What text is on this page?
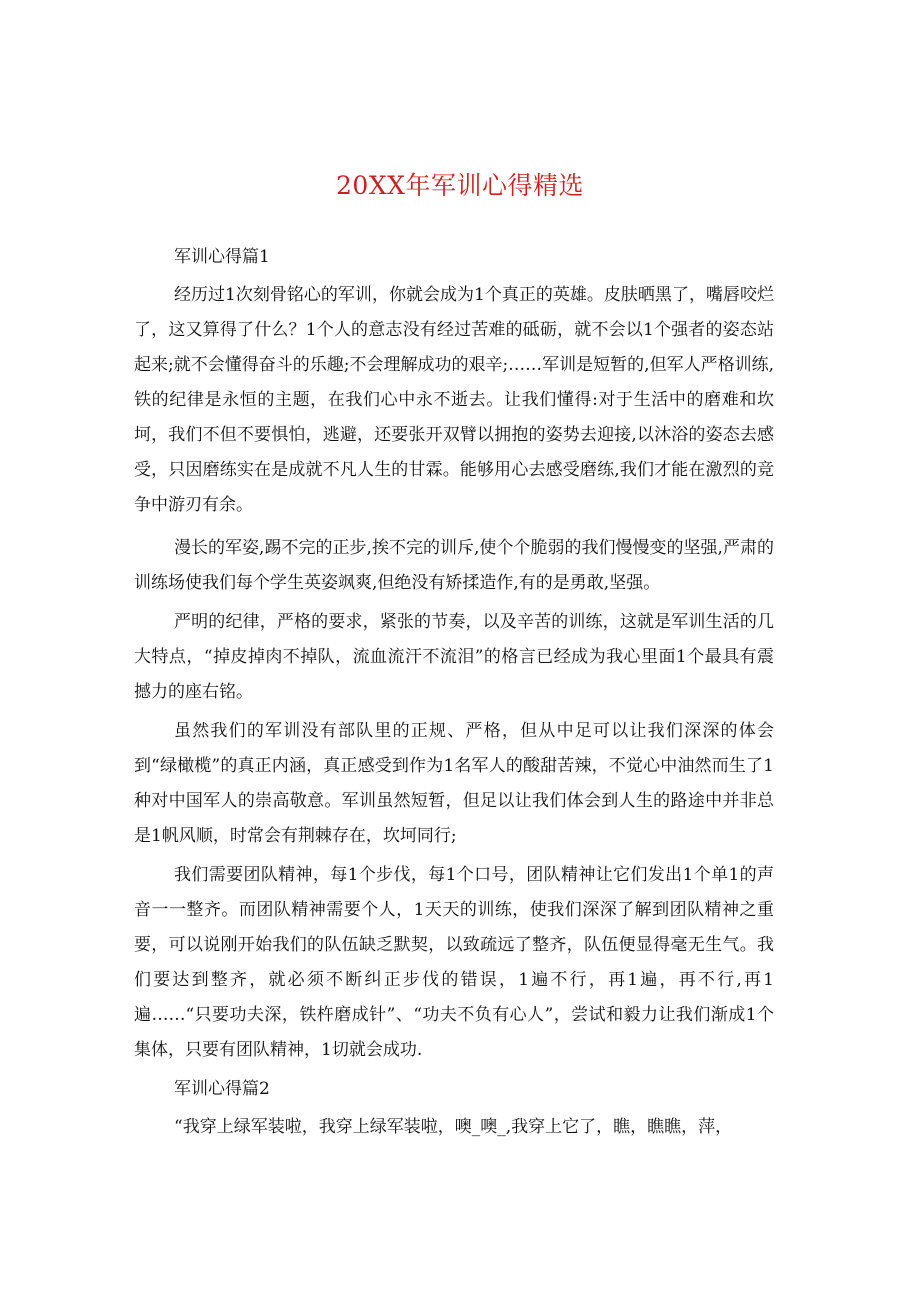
20XX年军训心得精选

军训心得篇1

经历过1次刻骨铭心的军训，你就会成为1个真正的英雄。皮肤晒黑了，嘴唇咬烂了，这又算得了什么？1个人的意志没有经过苦难的砥砺，就不会以1个强者的姿态站起来;就不会懂得奋斗的乐趣;不会理解成功的艰辛;……军训是短暂的,但军人严格训练,铁的纪律是永恒的主题，在我们心中永不逝去。让我们懂得:对于生活中的磨难和坎坷，我们不但不要惧怕，逃避，还要张开双臂以拥抱的姿势去迎接,以沐浴的姿态去感受，只因磨练实在是成就不凡人生的甘霖。能够用心去感受磨练,我们才能在激烈的竞争中游刃有余。

漫长的军姿,踢不完的正步,挨不完的训斥,使个个脆弱的我们慢慢变的坚强,严肃的训练场使我们每个学生英姿飒爽,但绝没有矫揉造作,有的是勇敢,坚强。

严明的纪律，严格的要求，紧张的节奏，以及辛苦的训练，这就是军训生活的几大特点，“掉皮掉肉不掉队，流血流汗不流泪”的格言已经成为我心里面1个最具有震撼力的座右铭。

虽然我们的军训没有部队里的正规、严格，但从中足可以让我们深深的体会到“绿橄榄”的真正内涵，真正感受到作为1名军人的酸甜苦辣，不觉心中油然而生了1种对中国军人的崇高敬意。军训虽然短暂，但足以让我们体会到人生的路途中并非总是1帆风顺，时常会有荆棘存在，坎坷同行;

我们需要团队精神，每1个步伐，每1个口号，团队精神让它们发出1个单1的声音一一整齐。而团队精神需要个人，1天天的训练，使我们深深了解到团队精神之重要，可以说刚开始我们的队伍缺乏默契，以致疏远了整齐，队伍便显得毫无生气。我们要达到整齐，就必须不断纠正步伐的错误，1遍不行，再1遍，再不行,再1遍……“只要功夫深，铁杵磨成针”、“功夫不负有心人”，尝试和毅力让我们渐成1个集体，只要有团队精神，1切就会成功.

军训心得篇2

“我穿上绿军装啦，我穿上绿军装啦，噢_噢_,我穿上它了，瞧，瞧瞧，萍，
